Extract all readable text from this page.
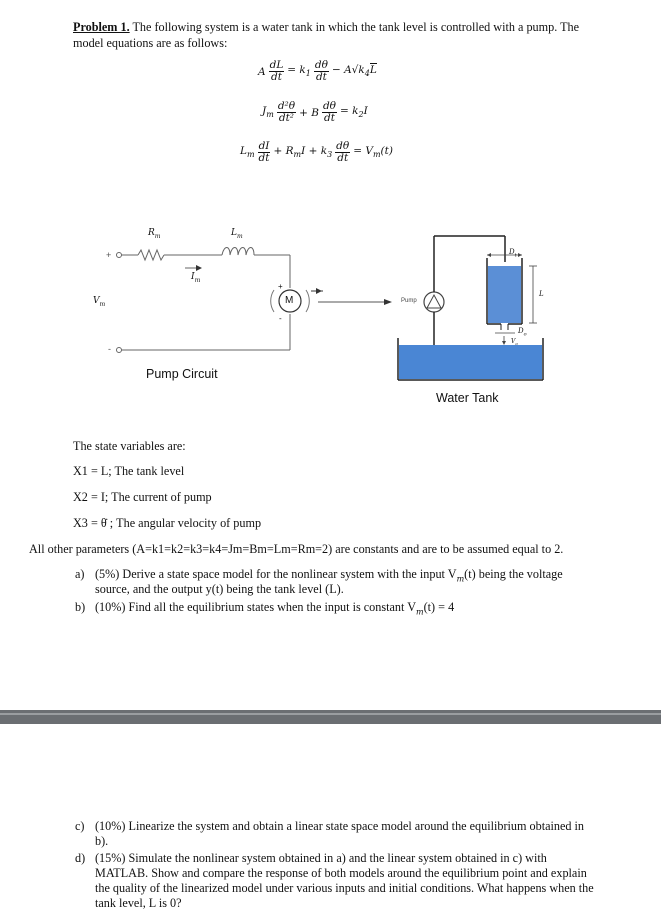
Problem 1. The following system is a water tank in which the tank level is controlled with a pump. The
model equations are as follows:
A $\frac{dL}{dt} = k_1 \frac{d\theta}{dt} - A√k_4L$
$J_m \frac{\text{d²θ}}{\text{dt²}} + B \frac{d\theta}{dt} = k_2I$
$L_m \frac{dI}{dt} + R_mI + k_3 \frac{d\theta}{dt} = V_m(t)$
$R_m$	$L_m$
$I_m$
$V_m$
+
-
+
-
M	Pump
$D_t$
L
$D_o$
$V_o$
Pump Circuit
Water Tank
The state variables are:
X1 = L; The tank level
X2 = I; The current of pump
X3 = θ̇ ; The angular velocity of pump
All other parameters (A=k1=k2=k3=k4=Jm=Bm=Lm=Rm=2) are constants and are to be assumed equal to 2.
a) (5%) Derive a state space model for the nonlinear system with the input $V_m(t)$ being the voltage
source, and the output y(t) being the tank level (L).
b) (10%) Find all the equilibrium states when the input is constant $V_m(t) = 4$
c) (10%) Linearize the system and obtain a linear state space model around the equilibrium obtained in
b).
d) (15%) Simulate the nonlinear system obtained in a) and the linear system obtained in c) with
MATLAB. Show and compare the response of both models around the equilibrium point and explain
the quality of the linearized model under various inputs and initial conditions. What happens when the
tank level, L is 0?
